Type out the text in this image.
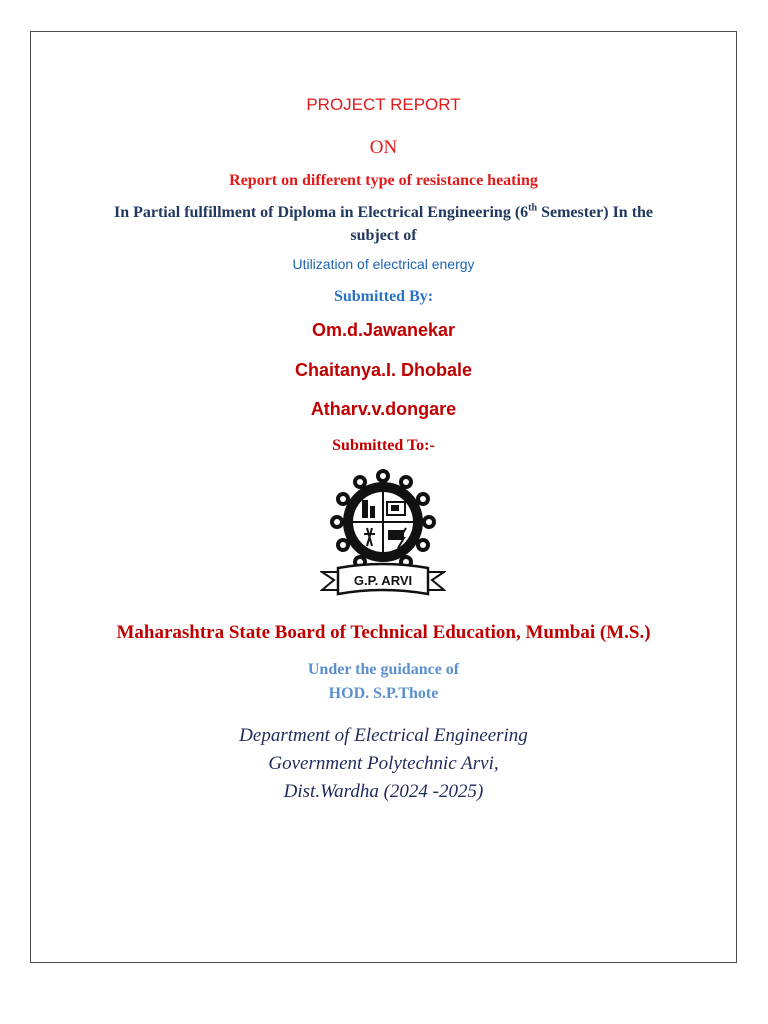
PROJECT REPORT
ON
Report on different type of resistance heating
In Partial fulfillment of Diploma in Electrical Engineering (6th Semester) In the subject of
Utilization of electrical energy
Submitted By:
Om.d.Jawanekar
Chaitanya.I. Dhobale
Atharv.v.dongare
Submitted To:-
G.P. ARVI
Maharashtra State Board of Technical Education, Mumbai (M.S.)
Under the guidance of
HOD. S.P.Thote
Department of Electrical Engineering
Government Polytechnic Arvi,
Dist.Wardha (2024 -2025)
